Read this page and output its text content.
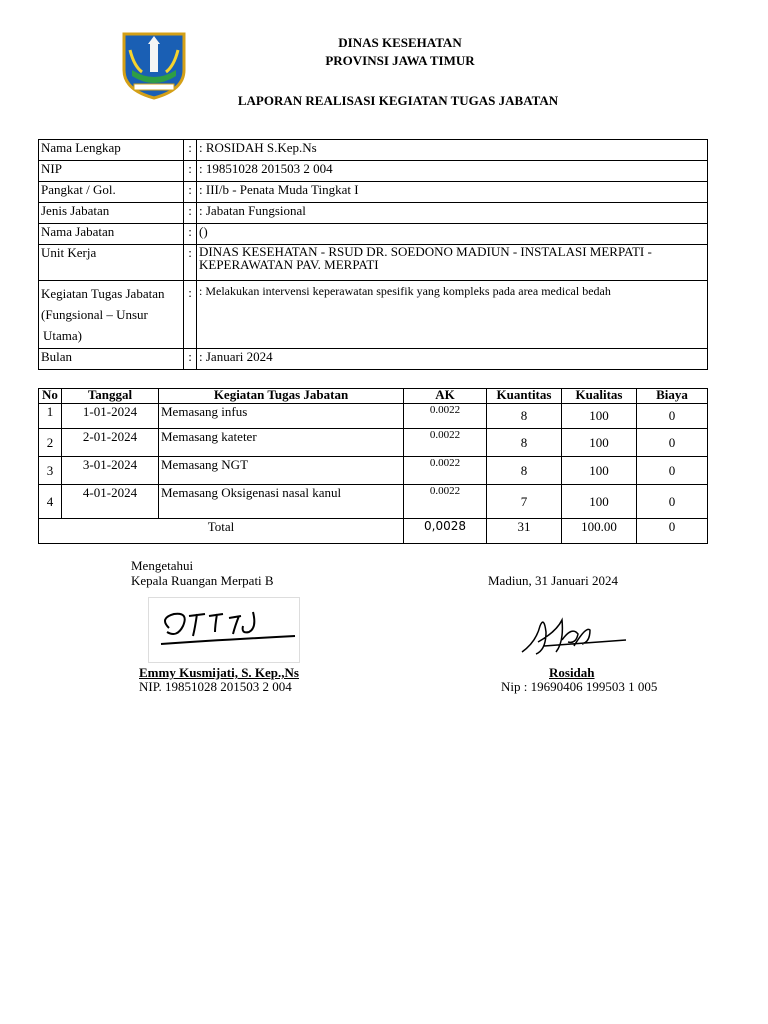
DINAS KESEHATAN
PROVINSI JAWA TIMUR
LAPORAN REALISASI KEGIATAN TUGAS JABATAN
Nama Lengkap	:	: ROSIDAH S.Kep.Ns
NIP	:	: 19851028 201503 2 004
Pangkat / Gol.	:	: III/b - Penata Muda Tingkat I
Jenis Jabatan	:	: Jabatan Fungsional
Nama Jabatan	:	()
Unit Kerja	:	DINAS KESEHATAN - RSUD DR. SOEDONO MADIUN - INSTALASI MERPATI - KEPERAWATAN PAV. MERPATI

Kegiatan Tugas Jabatan
(Fungsional – Unsur
Utama)	:	: Melakukan intervensi keperawatan spesifik yang kompleks pada area medical bedah
Bulan	:	: Januari 2024
No	Tanggal	Kegiatan Tugas Jabatan	AK	Kuantitas	Kualitas	Biaya
1	1-01-2024	Memasang infus	0.0022	8	100	0
2	2-01-2024	Memasang kateter	0.0022	8	100	0
3	3-01-2024	Memasang NGT	0.0022	8	100	0
4	4-01-2024	Memasang Oksigenasi nasal kanul	0.0022	7	100	0
Total			0,0028	31	100.00	0
Mengetahui
Kepala Ruangan Merpati B	Madiun, 31 Januari 2024
Emmy Kusmijati, S. Kep.,Ns
NIP. 19851028 201503 2 004
Rosidah
Nip : 19690406 199503 1 005
